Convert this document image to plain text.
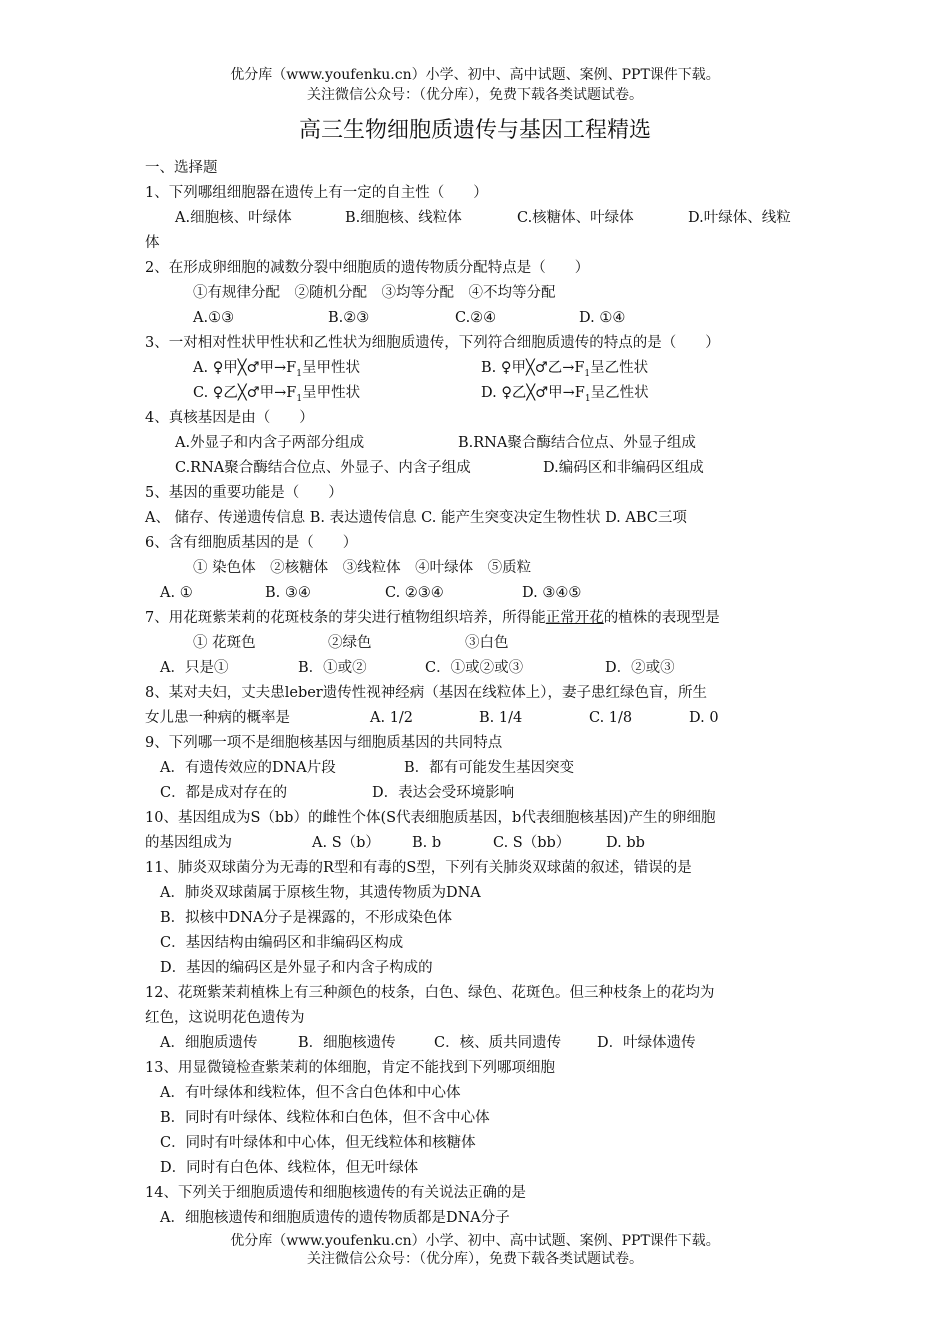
优分库（www.youfenku.cn）小学、初中、高中试题、案例、PPT课件下载。
关注微信公众号：（优分库），免费下载各类试题试卷。
高三生物细胞质遗传与基因工程精选
一、选择题
1、下列哪组细胞器在遗传上有一定的自主性（　　）
A.细胞核、叶绿体	B.细胞核、线粒体	C.核糖体、叶绿体	D.叶绿体、线粒
体
2、在形成卵细胞的减数分裂中细胞质的遗传物质分配特点是（　　）
①有规律分配　②随机分配　③均等分配　④不均等分配
A.①③	B.②③	C.②④	D. ①④
3、一对相对性状甲性状和乙性状为细胞质遗传，下列符合细胞质遗传的特点的是（　　）
A. ♀甲╳♂甲$\to F_1$呈甲性状	B. ♀甲╳♂乙$\to F_1$呈乙性状
C. ♀乙╳♂甲$\to F_1$呈甲性状	D. ♀乙╳♂甲$\to F_1$呈乙性状
4、真核基因是由（　　）
A.外显子和内含子两部分组成	B.RNA聚合酶结合位点、外显子组成
C.RNA聚合酶结合位点、外显子、内含子组成	D.编码区和非编码区组成
5、基因的重要功能是（　　）
A、 储存、传递遗传信息 B. 表达遗传信息 C. 能产生突变决定生物性状 D. ABC三项
6、含有细胞质基因的是（　　）
① 染色体　②核糖体　③线粒体　④叶绿体　⑤质粒
A. ①	B. ③④	C. ②③④	D. ③④⑤
7、用花斑紫茉莉的花斑枝条的芽尖进行植物组织培养，所得能正常开花的植株的表现型是
① 花斑色	②绿色	③白色
A．只是①	B．①或②	C．①或②或③	D．②或③
8、某对夫妇，丈夫患leber遗传性视神经病（基因在线粒体上），妻子患红绿色盲，所生
女儿患一种病的概率是	A. 1/2	B. 1/4	C. 1/8	D. 0
9、下列哪一项不是细胞核基因与细胞质基因的共同特点
A．有遗传效应的DNA片段	B．都有可能发生基因突变
C．都是成对存在的	D．表达会受环境影响
10、基因组成为S（bb）的雌性个体(S代表细胞质基因，b代表细胞核基因)产生的卵细胞
的基因组成为	A. S（b） B. b	C. S（bb） D. bb
11、肺炎双球菌分为无毒的R型和有毒的S型，下列有关肺炎双球菌的叙述，错误的是
A．肺炎双球菌属于原核生物，其遗传物质为DNA
B．拟核中DNA分子是裸露的，不形成染色体
C．基因结构由编码区和非编码区构成
D．基因的编码区是外显子和内含子构成的
12、花斑紫茉莉植株上有三种颜色的枝条，白色、绿色、花斑色。但三种枝条上的花均为
红色，这说明花色遗传为
A．细胞质遗传	B．细胞核遗传	C．核、质共同遗传 D．叶绿体遗传
13、用显微镜检查紫茉莉的体细胞，肯定不能找到下列哪项细胞
A．有叶绿体和线粒体，但不含白色体和中心体
B．同时有叶绿体、线粒体和白色体，但不含中心体
C．同时有叶绿体和中心体，但无线粒体和核糖体
D．同时有白色体、线粒体，但无叶绿体
14、下列关于细胞质遗传和细胞核遗传的有关说法正确的是
A．细胞核遗传和细胞质遗传的遗传物质都是DNA分子
优分库（www.youfenku.cn）小学、初中、高中试题、案例、PPT课件下载。
关注微信公众号：（优分库），免费下载各类试题试卷。
